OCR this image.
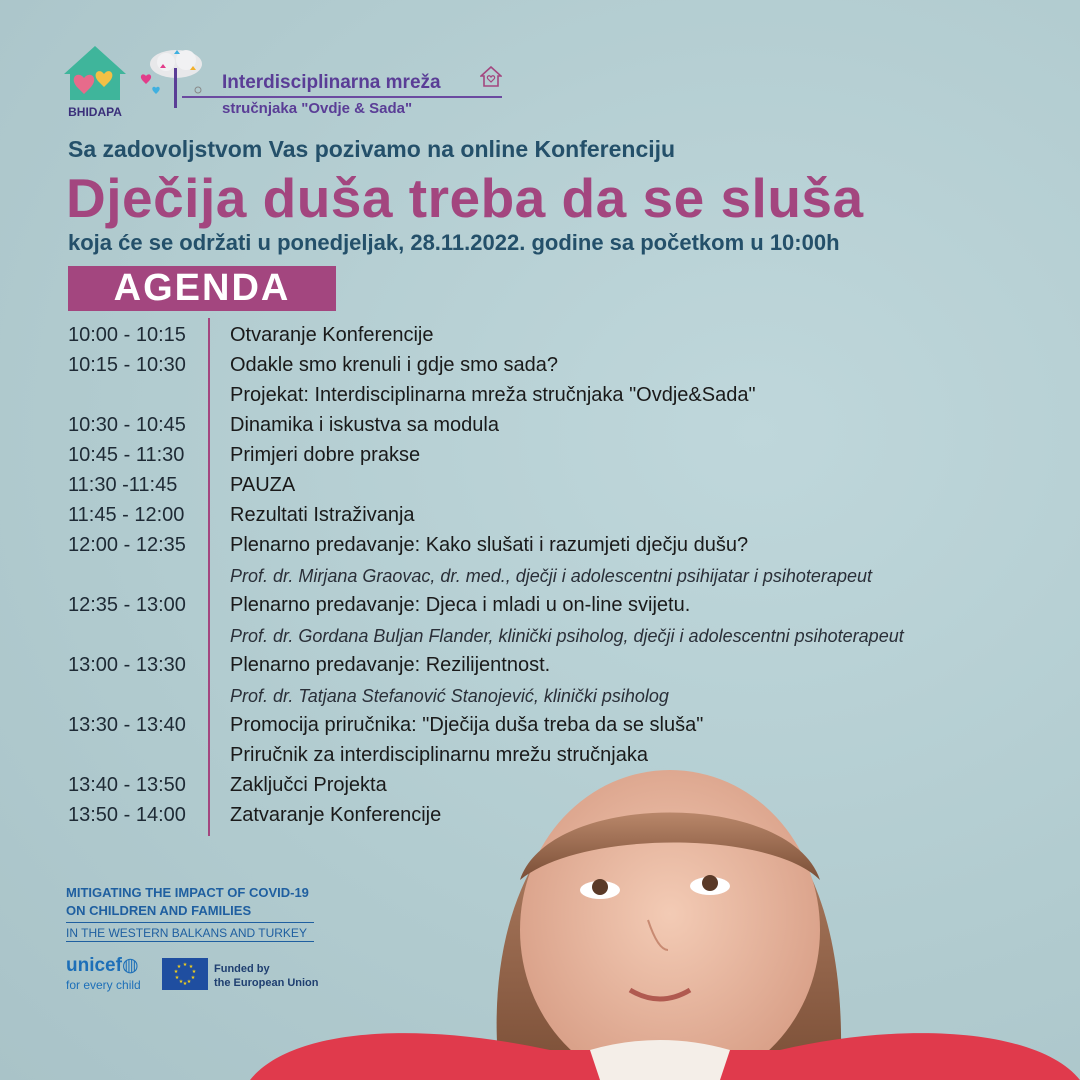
BHIDAPA
Interdisciplinarna mreža
stručnjaka "Ovdje & Sada"
Sa zadovoljstvom Vas pozivamo na online Konferenciju
Dječija duša treba da se sluša
koja će se održati u ponedjeljak, 28.11.2022. godine sa početkom u 10:00h
AGENDA
10:00 - 10:15 Otvaranje Konferencije
10:15 - 10:30 Odakle smo krenuli i gdje smo sada?
Projekat: Interdisciplinarna mreža stručnjaka "Ovdje&Sada"
10:30 - 10:45 Dinamika i iskustva sa modula
10:45 - 11:30 Primjeri dobre prakse
11:30 -11:45	PAUZA
11:45 - 12:00 Rezultati Istraživanja
12:00 - 12:35 Plenarno predavanje: Kako slušati i razumjeti dječju dušu?
Prof. dr. Mirjana Graovac, dr. med., dječji i adolescentni psihijatar i psihoterapeut
12:35 - 13:00 Plenarno predavanje: Djeca i mladi u on-line svijetu.
Prof. dr. Gordana Buljan Flander, klinički psiholog, dječji i adolescentni psihoterapeut
13:00 - 13:30 Plenarno predavanje: Rezilijentnost.
Prof. dr. Tatjana Stefanović Stanojević, klinički psiholog
13:30 - 13:40 Promocija priručnika: "Dječija duša treba da se sluša"
Priručnik za interdisciplinarnu mrežu stručnjaka
13:40 - 13:50 Zaključci Projekta
13:50 - 14:00 Zatvaranje Konferencije
MITIGATING THE IMPACT OF COVID-19
ON CHILDREN AND FAMILIES
IN THE WESTERN BALKANS AND TURKEY
unicef◍
for every child
★ ★
★
★
★
★
★
★
★
★	Funded by
the European Union
